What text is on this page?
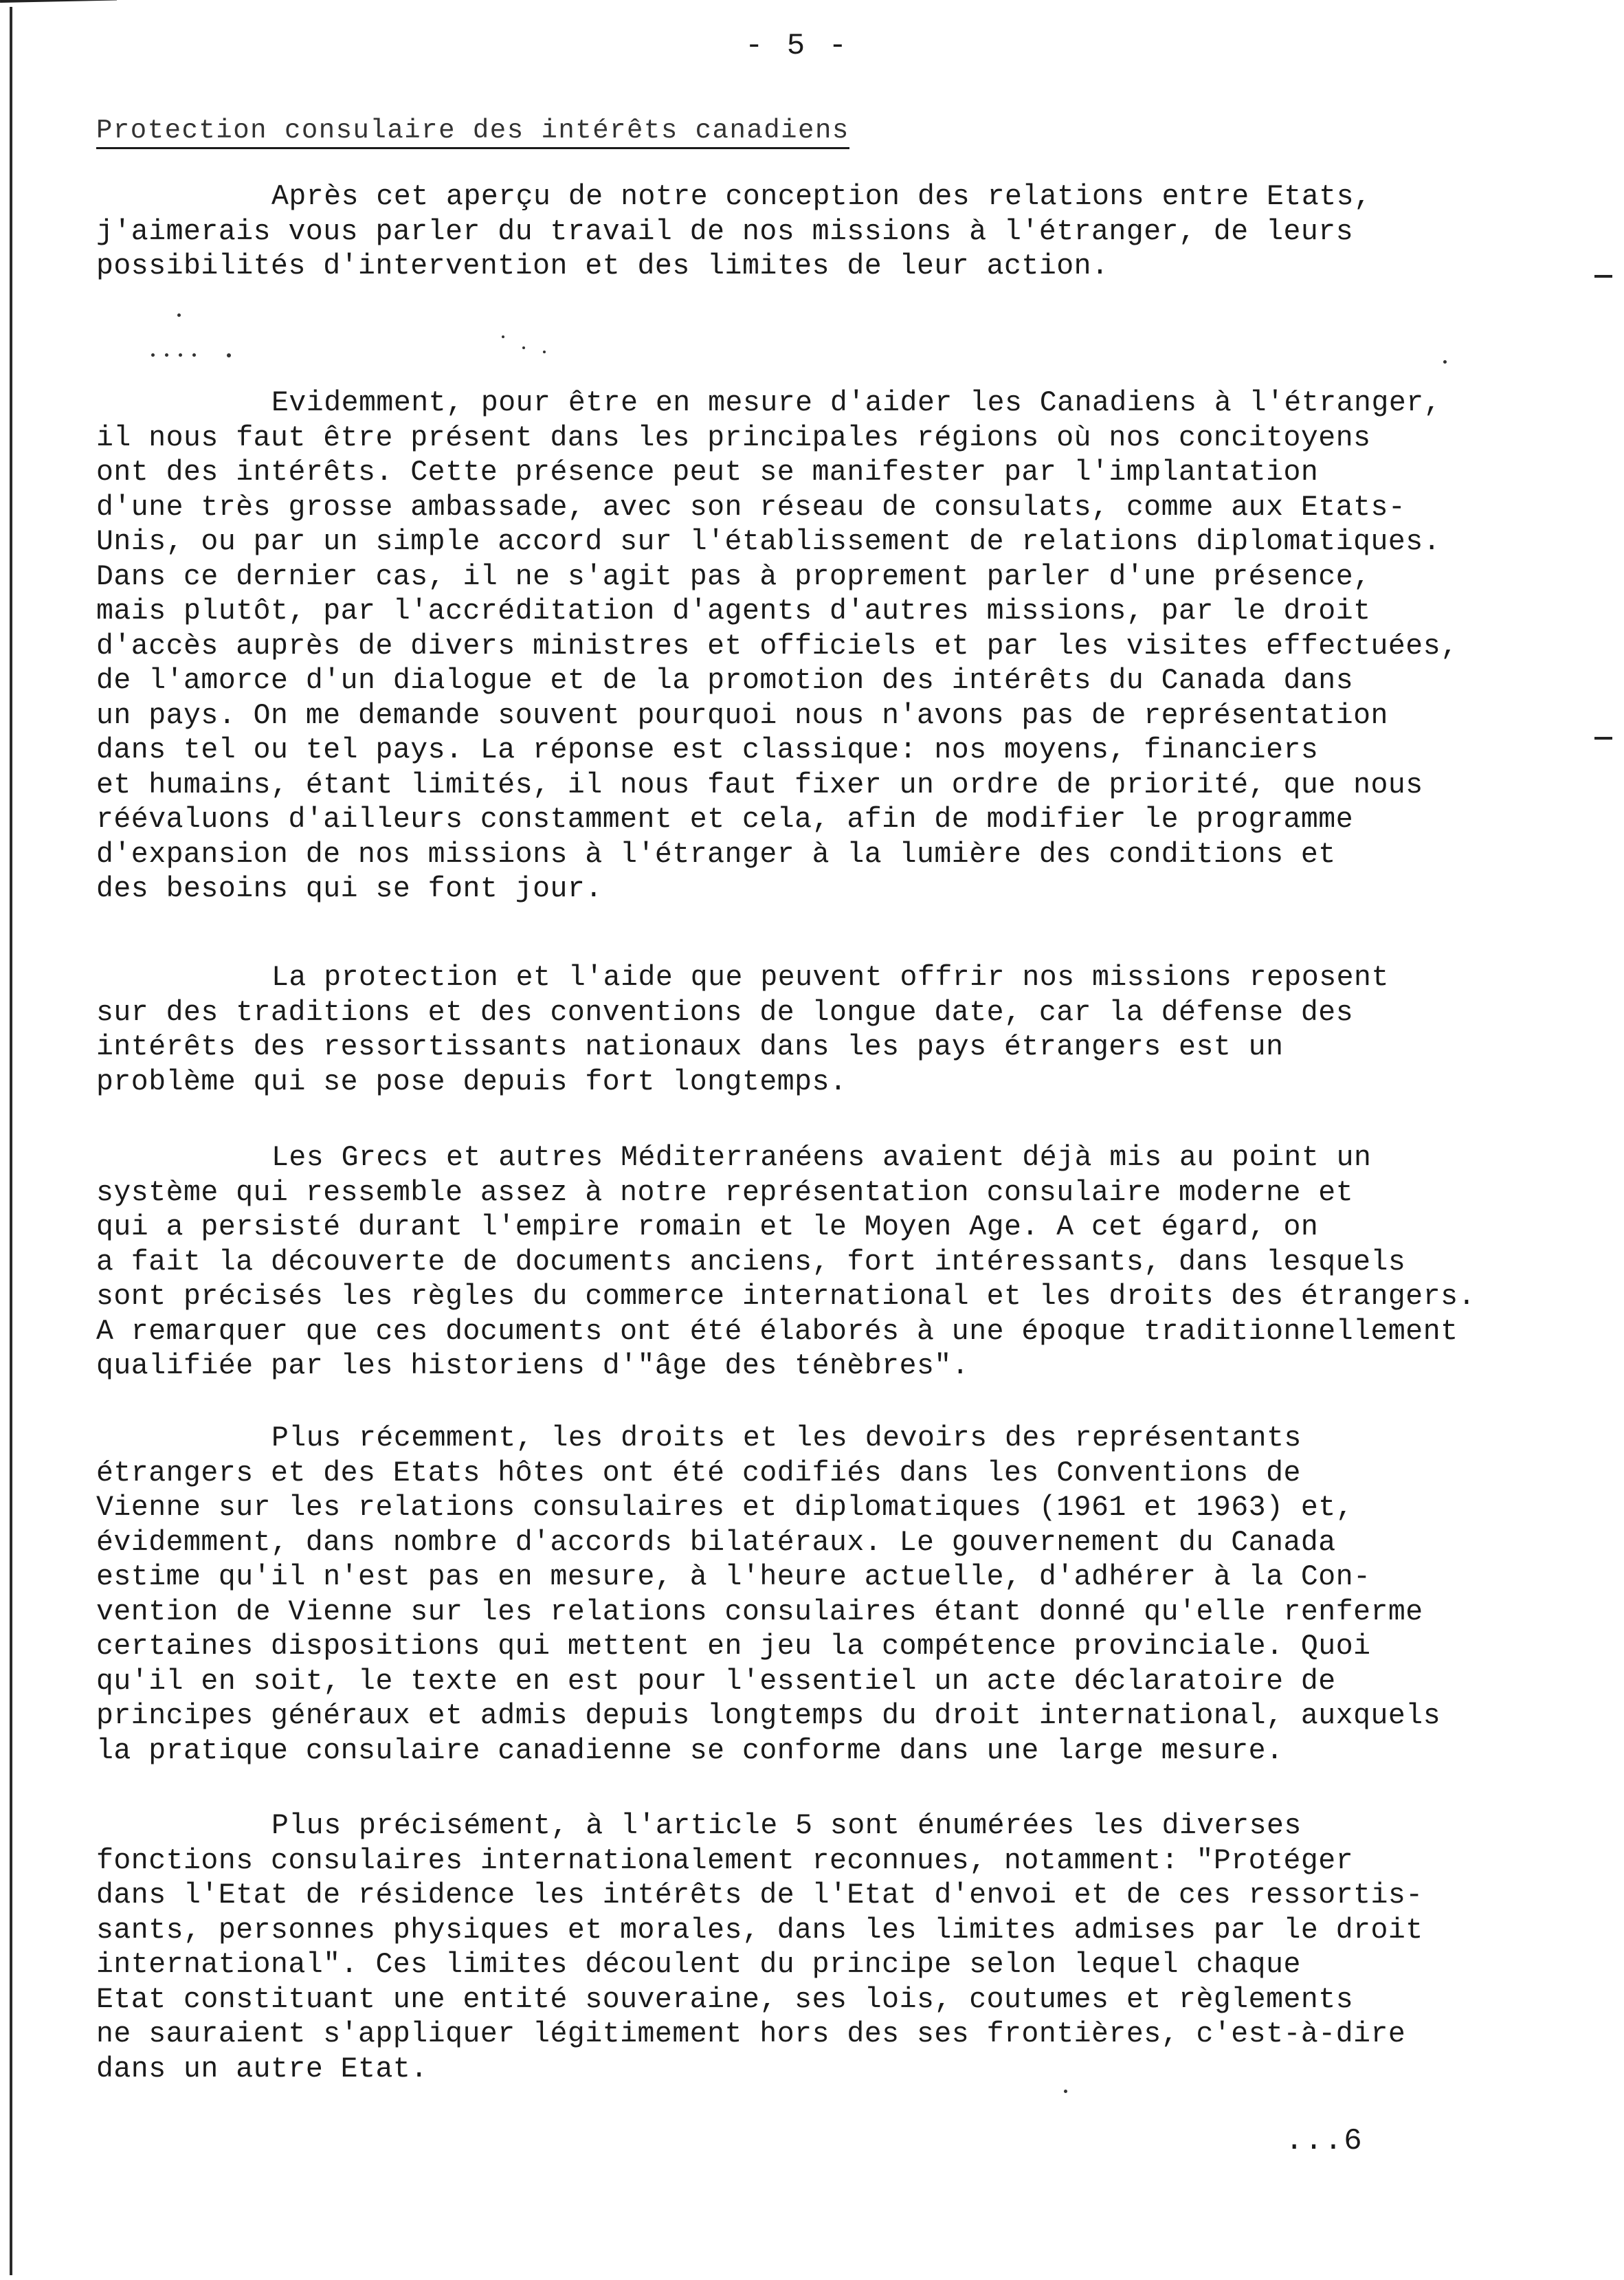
- 5 -
Protection consulaire des intérêts canadiens

Après cet aperçu de notre conception des relations entre Etats,
j'aimerais vous parler du travail de nos missions à l'étranger, de leurs
possibilités d'intervention et des limites de leur action.

Evidemment, pour être en mesure d'aider les Canadiens à l'étranger,
il nous faut être présent dans les principales régions où nos concitoyens
ont des intérêts. Cette présence peut se manifester par l'implantation
d'une très grosse ambassade, avec son réseau de consulats, comme aux Etats-
Unis, ou par un simple accord sur l'établissement de relations diplomatiques.
Dans ce dernier cas, il ne s'agit pas à proprement parler d'une présence,
mais plutôt, par l'accréditation d'agents d'autres missions, par le droit
d'accès auprès de divers ministres et officiels et par les visites effectuées,
de l'amorce d'un dialogue et de la promotion des intérêts du Canada dans
un pays. On me demande souvent pourquoi nous n'avons pas de représentation
dans tel ou tel pays. La réponse est classique: nos moyens, financiers
et humains, étant limités, il nous faut fixer un ordre de priorité, que nous
réévaluons d'ailleurs constamment et cela, afin de modifier le programme
d'expansion de nos missions à l'étranger à la lumière des conditions et
des besoins qui se font jour.

La protection et l'aide que peuvent offrir nos missions reposent
sur des traditions et des conventions de longue date, car la défense des
intérêts des ressortissants nationaux dans les pays étrangers est un
problème qui se pose depuis fort longtemps.

Les Grecs et autres Méditerranéens avaient déjà mis au point un
système qui ressemble assez à notre représentation consulaire moderne et
qui a persisté durant l'empire romain et le Moyen Age. A cet égard, on
a fait la découverte de documents anciens, fort intéressants, dans lesquels
sont précisés les règles du commerce international et les droits des étrangers.
A remarquer que ces documents ont été élaborés à une époque traditionnellement
qualifiée par les historiens d'"âge des ténèbres".

Plus récemment, les droits et les devoirs des représentants
étrangers et des Etats hôtes ont été codifiés dans les Conventions de
Vienne sur les relations consulaires et diplomatiques (1961 et 1963) et,
évidemment, dans nombre d'accords bilatéraux. Le gouvernement du Canada
estime qu'il n'est pas en mesure, à l'heure actuelle, d'adhérer à la Con-
vention de Vienne sur les relations consulaires étant donné qu'elle renferme
certaines dispositions qui mettent en jeu la compétence provinciale. Quoi
qu'il en soit, le texte en est pour l'essentiel un acte déclaratoire de
principes généraux et admis depuis longtemps du droit international, auxquels
la pratique consulaire canadienne se conforme dans une large mesure.

Plus précisément, à l'article 5 sont énumérées les diverses
fonctions consulaires internationalement reconnues, notamment: "Protéger
dans l'Etat de résidence les intérêts de l'Etat d'envoi et de ces ressortis-
sants, personnes physiques et morales, dans les limites admises par le droit
international". Ces limites découlent du principe selon lequel chaque
Etat constituant une entité souveraine, ses lois, coutumes et règlements
ne sauraient s'appliquer légitimement hors des ses frontières, c'est-à-dire
dans un autre Etat.

...6
